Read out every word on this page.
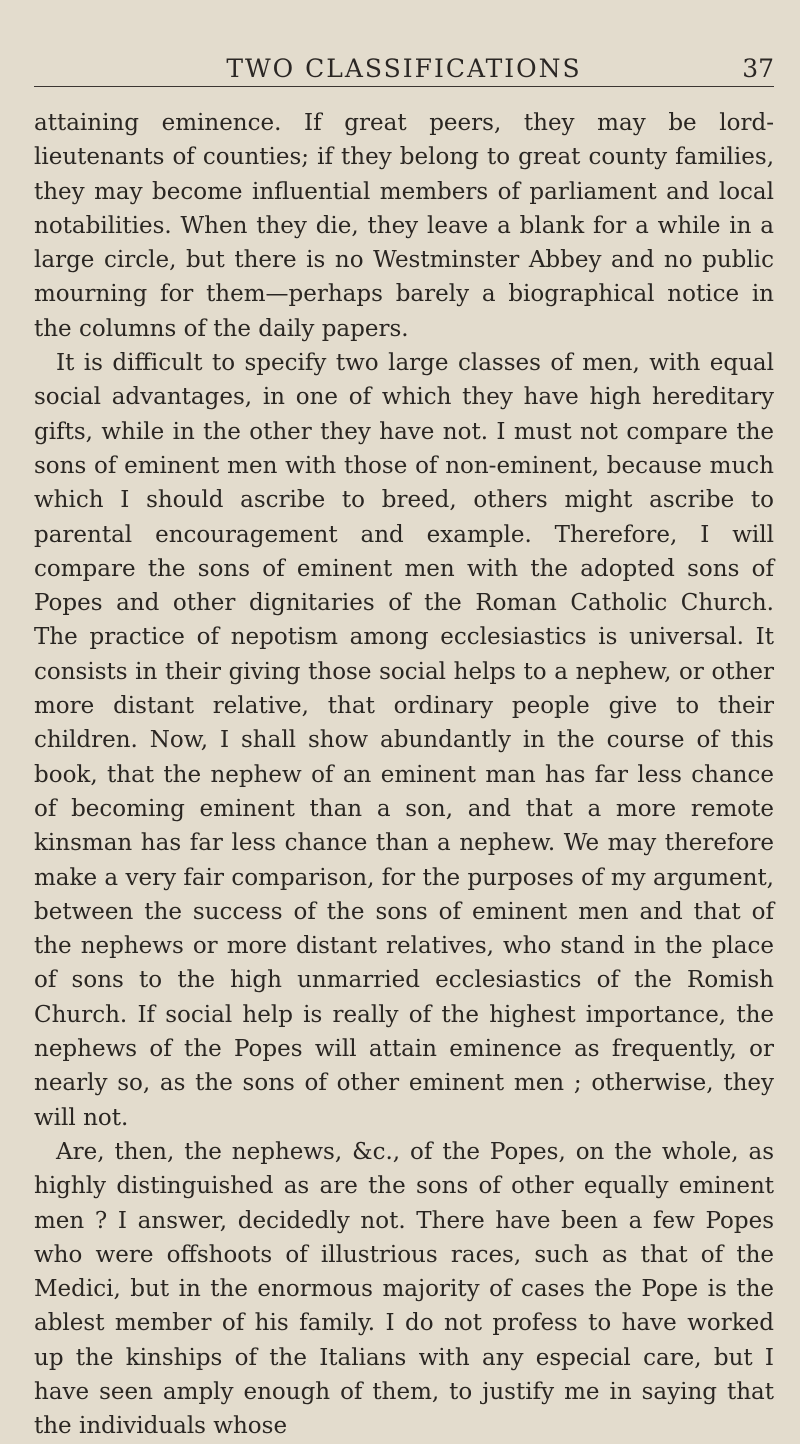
TWO CLASSIFICATIONS	37

attaining eminence. If great peers, they may be lord-lieutenants of counties; if they belong to great county families, they may become influential members of parliament and local notabilities. When they die, they leave a blank for a while in a large circle, but there is no Westminster Abbey and no public mourning for them—perhaps barely a biographical notice in the columns of the daily papers.

It is difficult to specify two large classes of men, with equal social advantages, in one of which they have high hereditary gifts, while in the other they have not. I must not compare the sons of eminent men with those of non-eminent, because much which I should ascribe to breed, others might ascribe to parental encouragement and example. Therefore, I will compare the sons of eminent men with the adopted sons of Popes and other dignitaries of the Roman Catholic Church. The practice of nepotism among ecclesiastics is universal. It consists in their giving those social helps to a nephew, or other more distant relative, that ordinary people give to their children. Now, I shall show abundantly in the course of this book, that the nephew of an eminent man has far less chance of becoming eminent than a son, and that a more remote kinsman has far less chance than a nephew. We may therefore make a very fair comparison, for the purposes of my argument, between the success of the sons of eminent men and that of the nephews or more distant relatives, who stand in the place of sons to the high unmarried ecclesiastics of the Romish Church. If social help is really of the highest importance, the nephews of the Popes will attain eminence as frequently, or nearly so, as the sons of other eminent men ; otherwise, they will not.

Are, then, the nephews, &c., of the Popes, on the whole, as highly distinguished as are the sons of other equally eminent men ? I answer, decidedly not. There have been a few Popes who were offshoots of illustrious races, such as that of the Medici, but in the enormous majority of cases the Pope is the ablest member of his family. I do not profess to have worked up the kinships of the Italians with any especial care, but I have seen amply enough of them, to justify me in saying that the individuals whose
